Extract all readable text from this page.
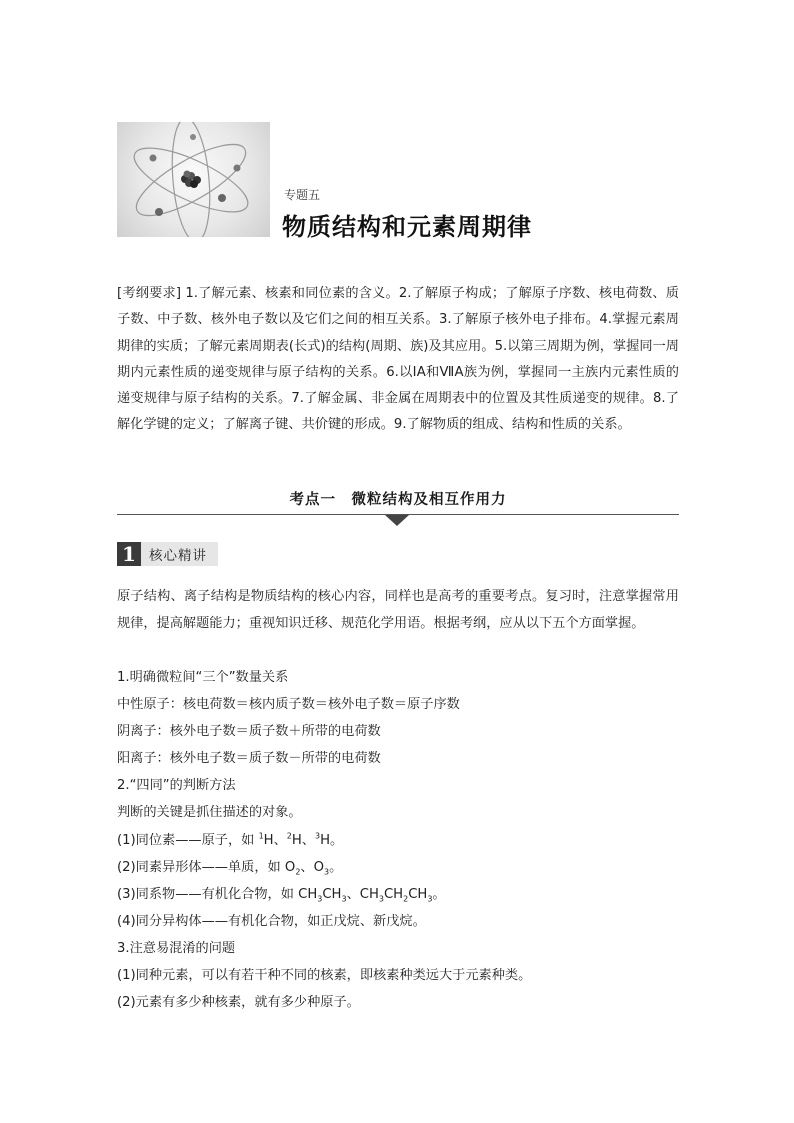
专题五
物质结构和元素周期律
[考纲要求] 1.了解元素、核素和同位素的含义。2.了解原子构成；了解原子序数、核电荷数、质子数、中子数、核外电子数以及它们之间的相互关系。3.了解原子核外电子排布。4.掌握元素周期律的实质；了解元素周期表(长式)的结构(周期、族)及其应用。5.以第三周期为例，掌握同一周期内元素性质的递变规律与原子结构的关系。6.以ⅠA和ⅦA族为例，掌握同一主族内元素性质的递变规律与原子结构的关系。7.了解金属、非金属在周期表中的位置及其性质递变的规律。8.了解化学键的定义；了解离子键、共价键的形成。9.了解物质的组成、结构和性质的关系。
考点一　微粒结构及相互作用力
1 核心精讲
原子结构、离子结构是物质结构的核心内容，同样也是高考的重要考点。复习时，注意掌握常用规律，提高解题能力；重视知识迁移、规范化学用语。根据考纲，应从以下五个方面掌握。
1.明确微粒间“三个”数量关系
中性原子：核电荷数＝核内质子数＝核外电子数＝原子序数
阴离子：核外电子数＝质子数＋所带的电荷数
阳离子：核外电子数＝质子数－所带的电荷数
2.“四同”的判断方法
判断的关键是抓住描述的对象。
(1)同位素——原子，如 $^1$H、$^2$H、$^3$H。
(2)同素异形体——单质，如 $O_2$、$O_3$。
(3)同系物——有机化合物，如 $CH_3CH_3$、$CH_3CH_2CH_3$。
(4)同分异构体——有机化合物，如正戊烷、新戊烷。
3.注意易混淆的问题
(1)同种元素，可以有若干种不同的核素，即核素种类远大于元素种类。
(2)元素有多少种核素，就有多少种原子。
